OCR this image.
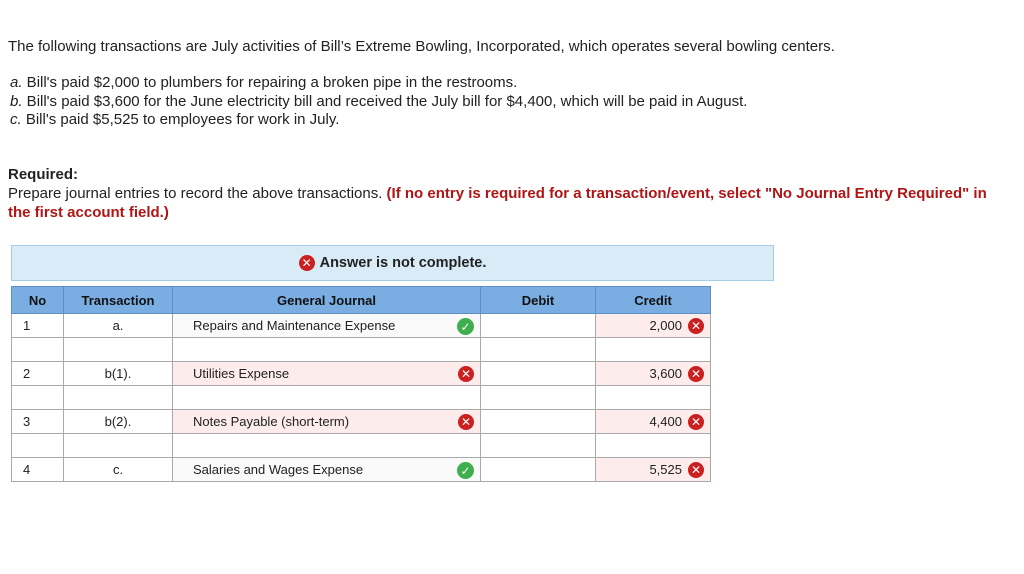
The following transactions are July activities of Bill’s Extreme Bowling, Incorporated, which operates several bowling centers.
a. Bill's paid $2,000 to plumbers for repairing a broken pipe in the restrooms.
b. Bill's paid $3,600 for the June electricity bill and received the July bill for $4,400, which will be paid in August.
c. Bill's paid $5,525 to employees for work in July.
Required:
Prepare journal entries to record the above transactions. (If no entry is required for a transaction/event, select "No Journal Entry Required" in the first account field.)
✕ Answer is not complete.
No	Transaction	General Journal	Debit	Credit
1	a.	Repairs and Maintenance Expense ✓		2,000 ✕

2	b(1).	Utilities Expense ✕		3,600 ✕

3	b(2).	Notes Payable (short-term) ✕		4,400 ✕

4	c.	Salaries and Wages Expense ✓		5,525 ✕
